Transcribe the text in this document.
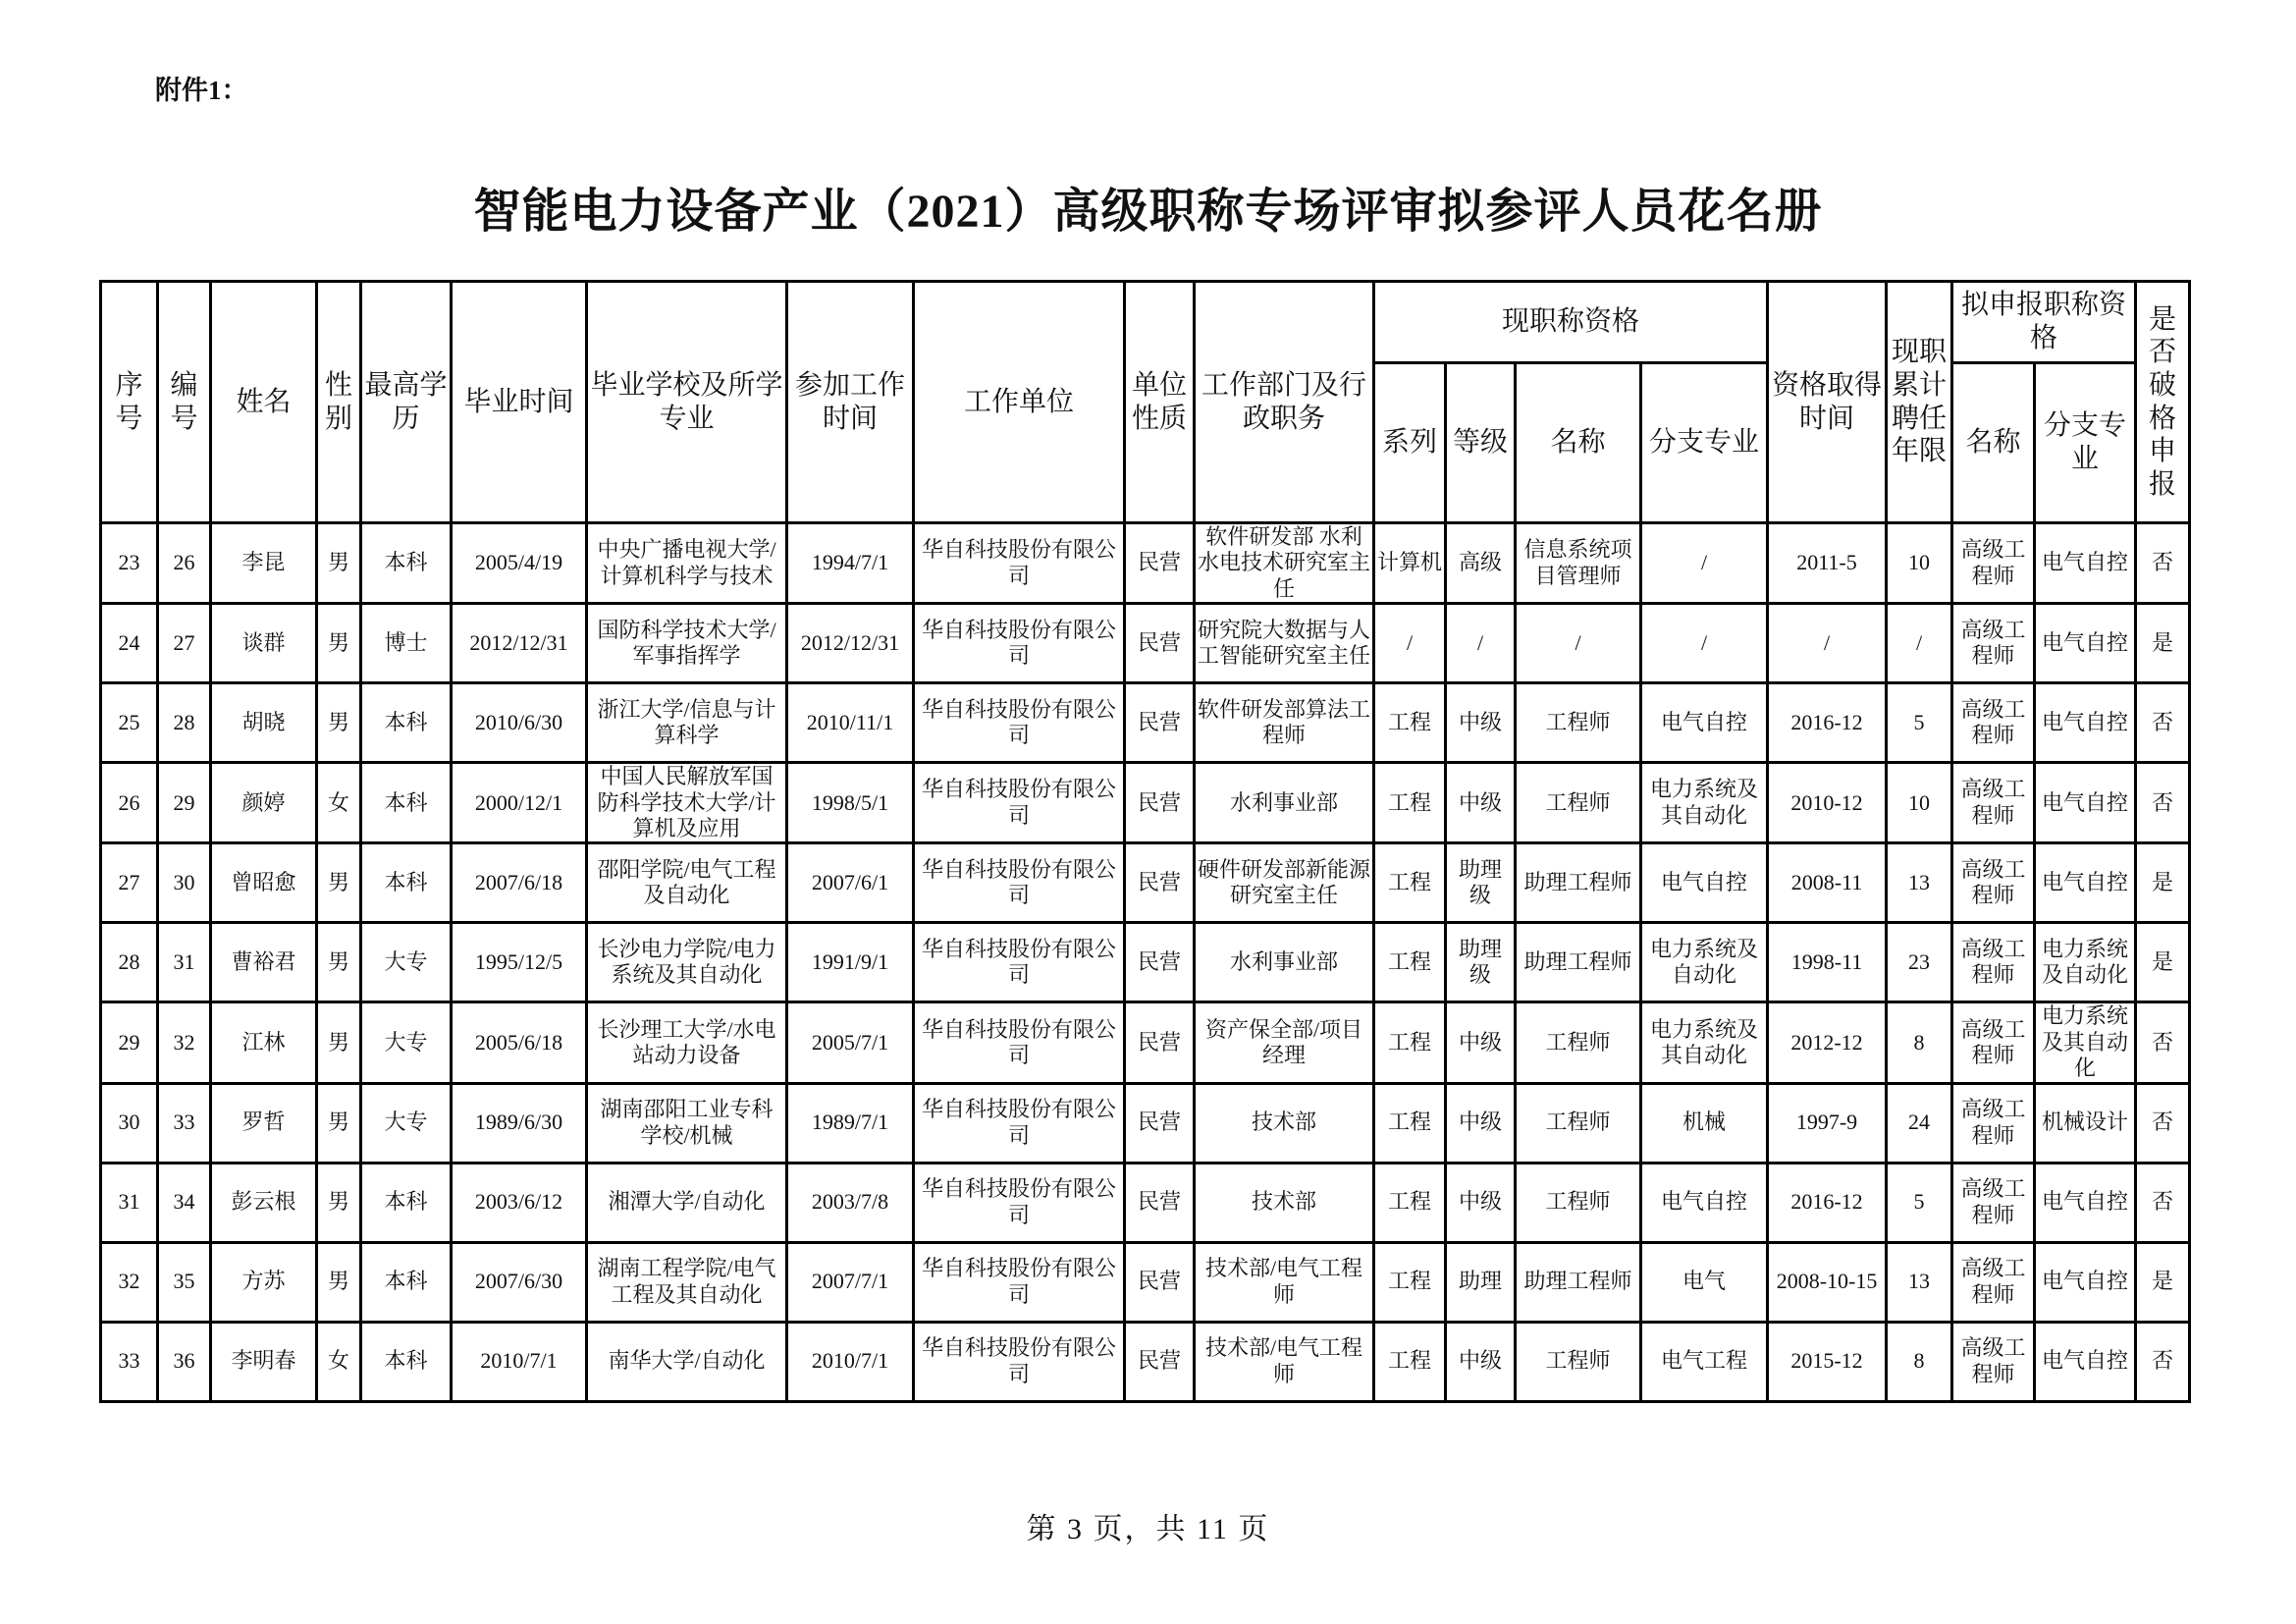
附件1：
智能电力设备产业（2021）高级职称专场评审拟参评人员花名册
序号	编号	姓名	性别	最高学历	毕业时间	毕业学校及所学专业	参加工作时间	工作单位	单位性质	工作部门及行政职务	现职称资格				资格取得时间	现职累计聘任年限	拟申报职称资格		是否破格申报
											系列	等级	名称	分支专业			名称	分支专业	
23	26	李昆	男	本科	2005/4/19	中央广播电视大学/计算机科学与技术	1994/7/1	华自科技股份有限公司	民营	软件研发部 水利水电技术研究室主任	计算机	高级	信息系统项目管理师	/	2011-5	10	高级工程师	电气自控	否
24	27	谈群	男	博士	2012/12/31	国防科学技术大学/军事指挥学	2012/12/31	华自科技股份有限公司	民营	研究院大数据与人工智能研究室主任	/	/	/	/	/	/	高级工程师	电气自控	是
25	28	胡晓	男	本科	2010/6/30	浙江大学/信息与计算科学	2010/11/1	华自科技股份有限公司	民营	软件研发部算法工程师	工程	中级	工程师	电气自控	2016-12	5	高级工程师	电气自控	否
26	29	颜婷	女	本科	2000/12/1	中国人民解放军国防科学技术大学/计算机及应用	1998/5/1	华自科技股份有限公司	民营	水利事业部	工程	中级	工程师	电力系统及其自动化	2010-12	10	高级工程师	电气自控	否
27	30	曾昭愈	男	本科	2007/6/18	邵阳学院/电气工程及自动化	2007/6/1	华自科技股份有限公司	民营	硬件研发部新能源研究室主任	工程	助理级	助理工程师	电气自控	2008-11	13	高级工程师	电气自控	是
28	31	曹裕君	男	大专	1995/12/5	长沙电力学院/电力系统及其自动化	1991/9/1	华自科技股份有限公司	民营	水利事业部	工程	助理级	助理工程师	电力系统及自动化	1998-11	23	高级工程师	电力系统及自动化	是
29	32	江林	男	大专	2005/6/18	长沙理工大学/水电站动力设备	2005/7/1	华自科技股份有限公司	民营	资产保全部/项目经理	工程	中级	工程师	电力系统及其自动化	2012-12	8	高级工程师	电力系统及其自动化	否
30	33	罗哲	男	大专	1989/6/30	湖南邵阳工业专科学校/机械	1989/7/1	华自科技股份有限公司	民营	技术部	工程	中级	工程师	机械	1997-9	24	高级工程师	机械设计	否
31	34	彭云根	男	本科	2003/6/12	湘潭大学/自动化	2003/7/8	华自科技股份有限公司	民营	技术部	工程	中级	工程师	电气自控	2016-12	5	高级工程师	电气自控	否
32	35	方苏	男	本科	2007/6/30	湖南工程学院/电气工程及其自动化	2007/7/1	华自科技股份有限公司	民营	技术部/电气工程师	工程	助理	助理工程师	电气	2008-10-15	13	高级工程师	电气自控	是
33	36	李明春	女	本科	2010/7/1	南华大学/自动化	2010/7/1	华自科技股份有限公司	民营	技术部/电气工程师	工程	中级	工程师	电气工程	2015-12	8	高级工程师	电气自控	否
第 3 页，共 11 页
